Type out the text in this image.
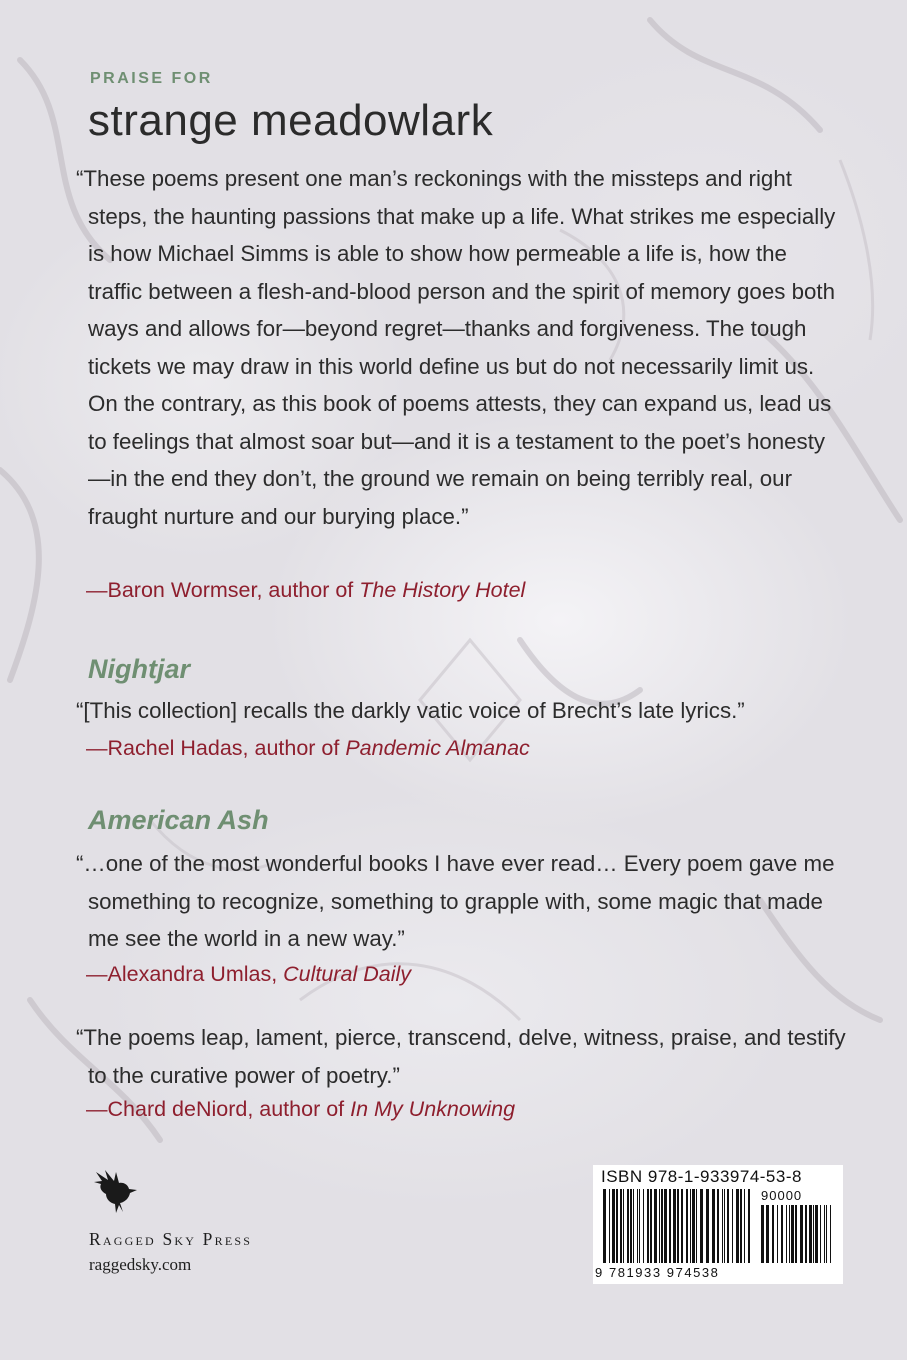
PRAISE FOR
strange meadowlark
“These poems present one man’s reckonings with the missteps and right steps, the haunting passions that make up a life. What strikes me especially is how Michael Simms is able to show how permeable a life is, how the traffic between a flesh-and-blood person and the spirit of memory goes both ways and allows for—beyond regret—thanks and forgiveness. The tough tickets we may draw in this world define us but do not necessarily limit us. On the contrary, as this book of poems attests, they can expand us, lead us to feelings that almost soar but—and it is a testament to the poet’s honesty—in the end they don’t, the ground we remain on being terribly real, our fraught nurture and our burying place.”
—Baron Wormser, author of The History Hotel
Nightjar
“[This collection] recalls the darkly vatic voice of Brecht’s late lyrics.”
—Rachel Hadas, author of Pandemic Almanac
American Ash
“…one of the most wonderful books I have ever read… Every poem gave me something to recognize, something to grapple with, some magic that made me see the world in a new way.”
—Alexandra Umlas, Cultural Daily
“The poems leap, lament, pierce, transcend, delve, witness, praise, and testify to the curative power of poetry.”
—Chard deNiord, author of In My Unknowing
Ragged Sky Press
raggedsky.com
ISBN 978-1-933974-53-8
90000
9 781933 974538
